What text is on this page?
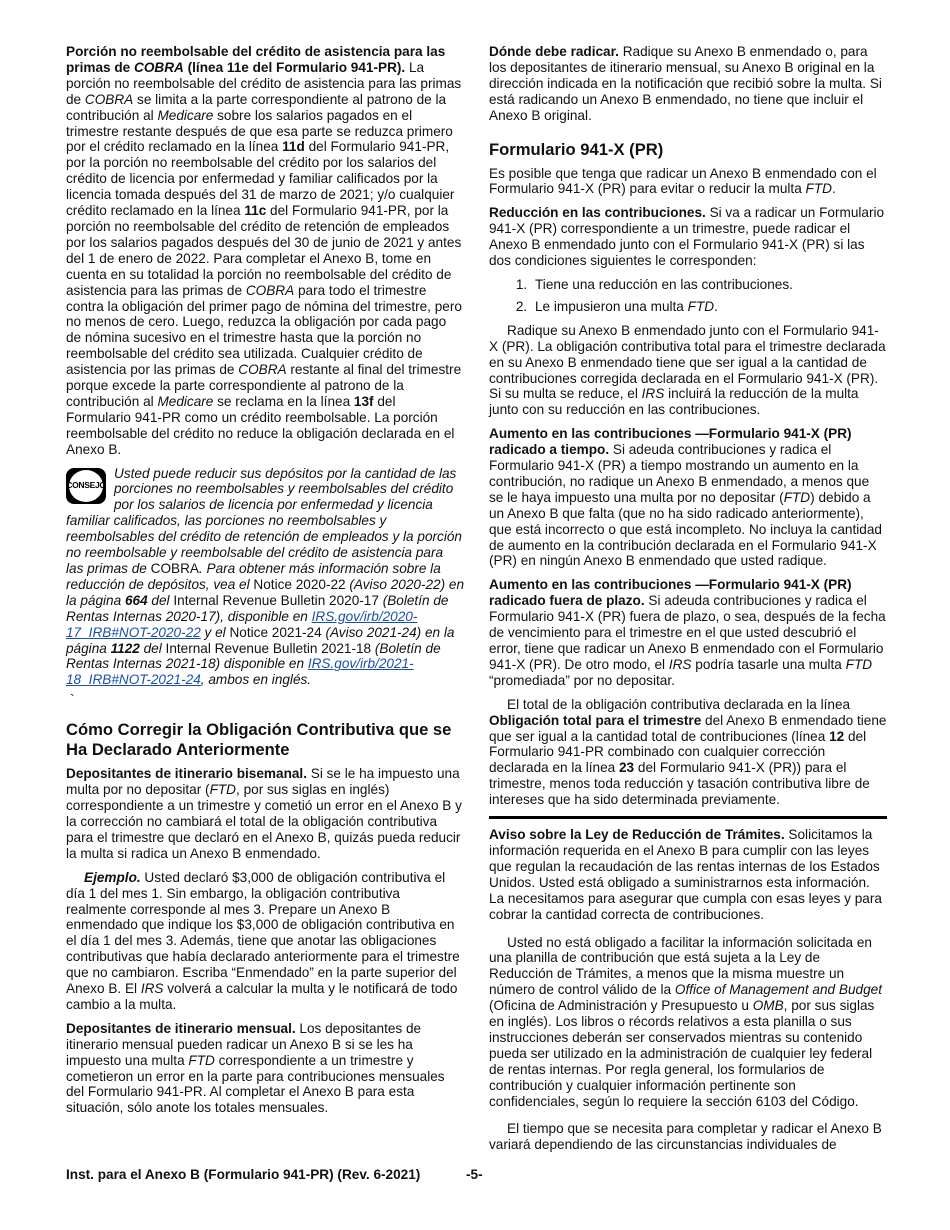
Porción no reembolsable del crédito de asistencia para las primas de COBRA (línea 11e del Formulario 941-PR). La porción no reembolsable del crédito de asistencia para las primas de COBRA se limita a la parte correspondiente al patrono de la contribución al Medicare sobre los salarios pagados en el trimestre restante después de que esa parte se reduzca primero por el crédito reclamado en la línea 11d del Formulario 941-PR, por la porción no reembolsable del crédito por los salarios del crédito de licencia por enfermedad y familiar calificados por la licencia tomada después del 31 de marzo de 2021; y/o cualquier crédito reclamado en la línea 11c del Formulario 941-PR, por la porción no reembolsable del crédito de retención de empleados por los salarios pagados después del 30 de junio de 2021 y antes del 1 de enero de 2022. Para completar el Anexo B, tome en cuenta en su totalidad la porción no reembolsable del crédito de asistencia para las primas de COBRA para todo el trimestre contra la obligación del primer pago de nómina del trimestre, pero no menos de cero. Luego, reduzca la obligación por cada pago de nómina sucesivo en el trimestre hasta que la porción no reembolsable del crédito sea utilizada. Cualquier crédito de asistencia por las primas de COBRA restante al final del trimestre porque excede la parte correspondiente al patrono de la contribución al Medicare se reclama en la línea 13f del Formulario 941-PR como un crédito reembolsable. La porción reembolsable del crédito no reduce la obligación declarada en el Anexo B.

CONSEJO
Usted puede reducir sus depósitos por la cantidad de las porciones no reembolsables y reembolsables del crédito por los salarios de licencia por enfermedad y licencia familiar calificados, las porciones no reembolsables y reembolsables del crédito de retención de empleados y la porción no reembolsable y reembolsable del crédito de asistencia para las primas de COBRA. Para obtener más información sobre la reducción de depósitos, vea el Notice 2020-22 (Aviso 2020-22) en la página 664 del Internal Revenue Bulletin 2020-17 (Boletín de Rentas Internas 2020-17), disponible en IRS.gov/irb/2020-17_IRB#NOT-2020-22 y el Notice 2021-24 (Aviso 2021-24) en la página 1122 del Internal Revenue Bulletin 2021-18 (Boletín de Rentas Internas 2021-18) disponible en IRS.gov/irb/2021-18_IRB#NOT-2021-24, ambos en inglés.
`
Cómo Corregir la Obligación Contributiva que se Ha Declarado Anteriormente

Depositantes de itinerario bisemanal. Si se le ha impuesto una multa por no depositar (FTD, por sus siglas en inglés) correspondiente a un trimestre y cometió un error en el Anexo B y la corrección no cambiará el total de la obligación contributiva para el trimestre que declaró en el Anexo B, quizás pueda reducir la multa si radica un Anexo B enmendado.

Ejemplo. Usted declaró $3,000 de obligación contributiva el día 1 del mes 1. Sin embargo, la obligación contributiva realmente corresponde al mes 3. Prepare un Anexo B enmendado que indique los $3,000 de obligación contributiva en el día 1 del mes 3. Además, tiene que anotar las obligaciones contributivas que había declarado anteriormente para el trimestre que no cambiaron. Escriba “Enmendado” en la parte superior del Anexo B. El IRS volverá a calcular la multa y le notificará de todo cambio a la multa.

Depositantes de itinerario mensual. Los depositantes de itinerario mensual pueden radicar un Anexo B si se les ha impuesto una multa FTD correspondiente a un trimestre y cometieron un error en la parte para contribuciones mensuales del Formulario 941-PR. Al completar el Anexo B para esta situación, sólo anote los totales mensuales.

Dónde debe radicar. Radique su Anexo B enmendado o, para los depositantes de itinerario mensual, su Anexo B original en la dirección indicada en la notificación que recibió sobre la multa. Si está radicando un Anexo B enmendado, no tiene que incluir el Anexo B original.

Formulario 941-X (PR)

Es posible que tenga que radicar un Anexo B enmendado con el Formulario 941-X (PR) para evitar o reducir la multa FTD.

Reducción en las contribuciones. Si va a radicar un Formulario 941-X (PR) correspondiente a un trimestre, puede radicar el Anexo B enmendado junto con el Formulario 941-X (PR) si las dos condiciones siguientes le corresponden:

1. Tiene una reducción en las contribuciones.
2. Le impusieron una multa FTD.

Radique su Anexo B enmendado junto con el Formulario 941-X (PR). La obligación contributiva total para el trimestre declarada en su Anexo B enmendado tiene que ser igual a la cantidad de contribuciones corregida declarada en el Formulario 941-X (PR). Si su multa se reduce, el IRS incluirá la reducción de la multa junto con su reducción en las contribuciones.

Aumento en las contribuciones —Formulario 941-X (PR) radicado a tiempo. Si adeuda contribuciones y radica el Formulario 941-X (PR) a tiempo mostrando un aumento en la contribución, no radique un Anexo B enmendado, a menos que se le haya impuesto una multa por no depositar (FTD) debido a un Anexo B que falta (que no ha sido radicado anteriormente), que está incorrecto o que está incompleto. No incluya la cantidad de aumento en la contribución declarada en el Formulario 941-X (PR) en ningún Anexo B enmendado que usted radique.

Aumento en las contribuciones —Formulario 941-X (PR) radicado fuera de plazo. Si adeuda contribuciones y radica el Formulario 941-X (PR) fuera de plazo, o sea, después de la fecha de vencimiento para el trimestre en el que usted descubrió el error, tiene que radicar un Anexo B enmendado con el Formulario 941-X (PR). De otro modo, el IRS podría tasarle una multa FTD “promediada” por no depositar.

El total de la obligación contributiva declarada en la línea Obligación total para el trimestre del Anexo B enmendado tiene que ser igual a la cantidad total de contribuciones (línea 12 del Formulario 941-PR combinado con cualquier corrección declarada en la línea 23 del Formulario 941-X (PR)) para el trimestre, menos toda reducción y tasación contributiva libre de intereses que ha sido determinada previamente.

Aviso sobre la Ley de Reducción de Trámites. Solicitamos la información requerida en el Anexo B para cumplir con las leyes que regulan la recaudación de las rentas internas de los Estados Unidos. Usted está obligado a suministrarnos esta información. La necesitamos para asegurar que cumpla con esas leyes y para cobrar la cantidad correcta de contribuciones.

Usted no está obligado a facilitar la información solicitada en una planilla de contribución que está sujeta a la Ley de Reducción de Trámites, a menos que la misma muestre un número de control válido de la Office of Management and Budget (Oficina de Administración y Presupuesto u OMB, por sus siglas en inglés). Los libros o récords relativos a esta planilla o sus instrucciones deberán ser conservados mientras su contenido pueda ser utilizado en la administración de cualquier ley federal de rentas internas. Por regla general, los formularios de contribución y cualquier información pertinente son confidenciales, según lo requiere la sección 6103 del Código.

El tiempo que se necesita para completar y radicar el Anexo B variará dependiendo de las circunstancias individuales de

Inst. para el Anexo B (Formulario 941-PR) (Rev. 6-2021)	-5-
